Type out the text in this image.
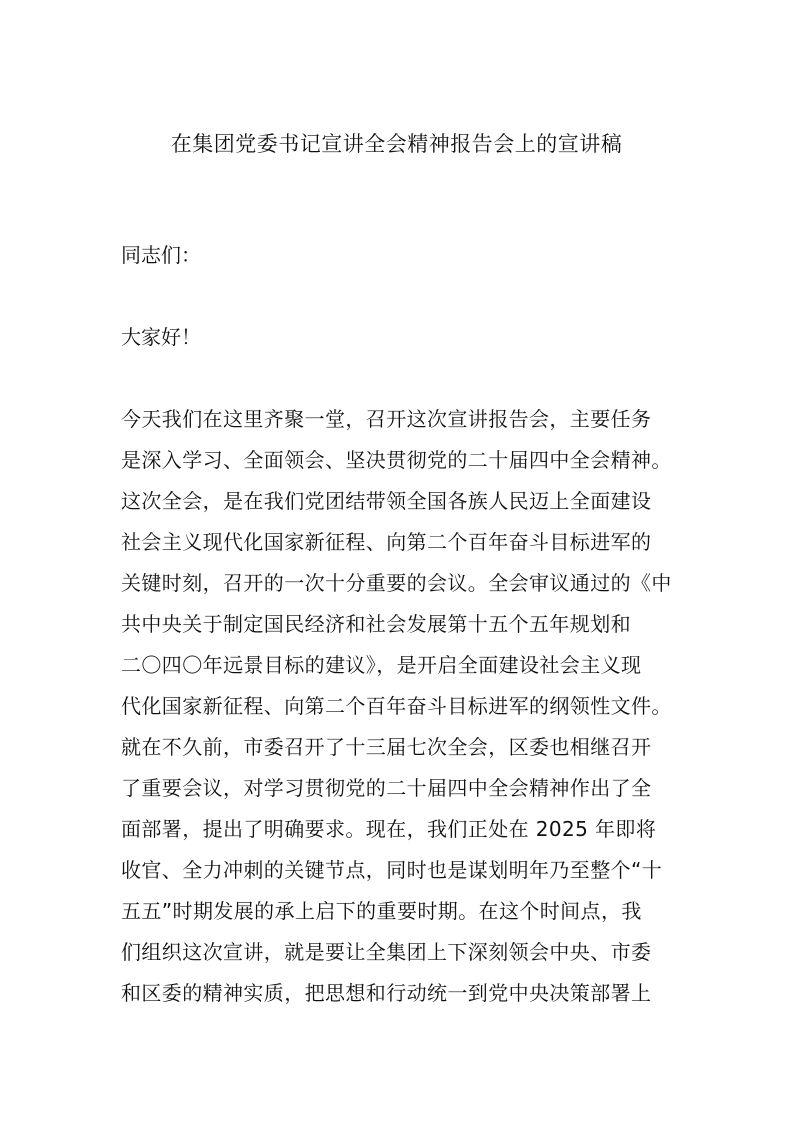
在集团党委书记宣讲全会精神报告会上的宣讲稿

同志们：

大家好！

今天我们在这里齐聚一堂，召开这次宣讲报告会，主要任务
是深入学习、全面领会、坚决贯彻党的二十届四中全会精神。
这次全会，是在我们党团结带领全国各族人民迈上全面建设
社会主义现代化国家新征程、向第二个百年奋斗目标进军的
关键时刻，召开的一次十分重要的会议。全会审议通过的《中
共中央关于制定国民经济和社会发展第十五个五年规划和
二〇四〇年远景目标的建议》，是开启全面建设社会主义现
代化国家新征程、向第二个百年奋斗目标进军的纲领性文件。
就在不久前，市委召开了十三届七次全会，区委也相继召开
了重要会议，对学习贯彻党的二十届四中全会精神作出了全
面部署，提出了明确要求。现在，我们正处在 2025 年即将
收官、全力冲刺的关键节点，同时也是谋划明年乃至整个“十
五五”时期发展的承上启下的重要时期。在这个时间点，我
们组织这次宣讲，就是要让全集团上下深刻领会中央、市委
和区委的精神实质，把思想和行动统一到党中央决策部署上
